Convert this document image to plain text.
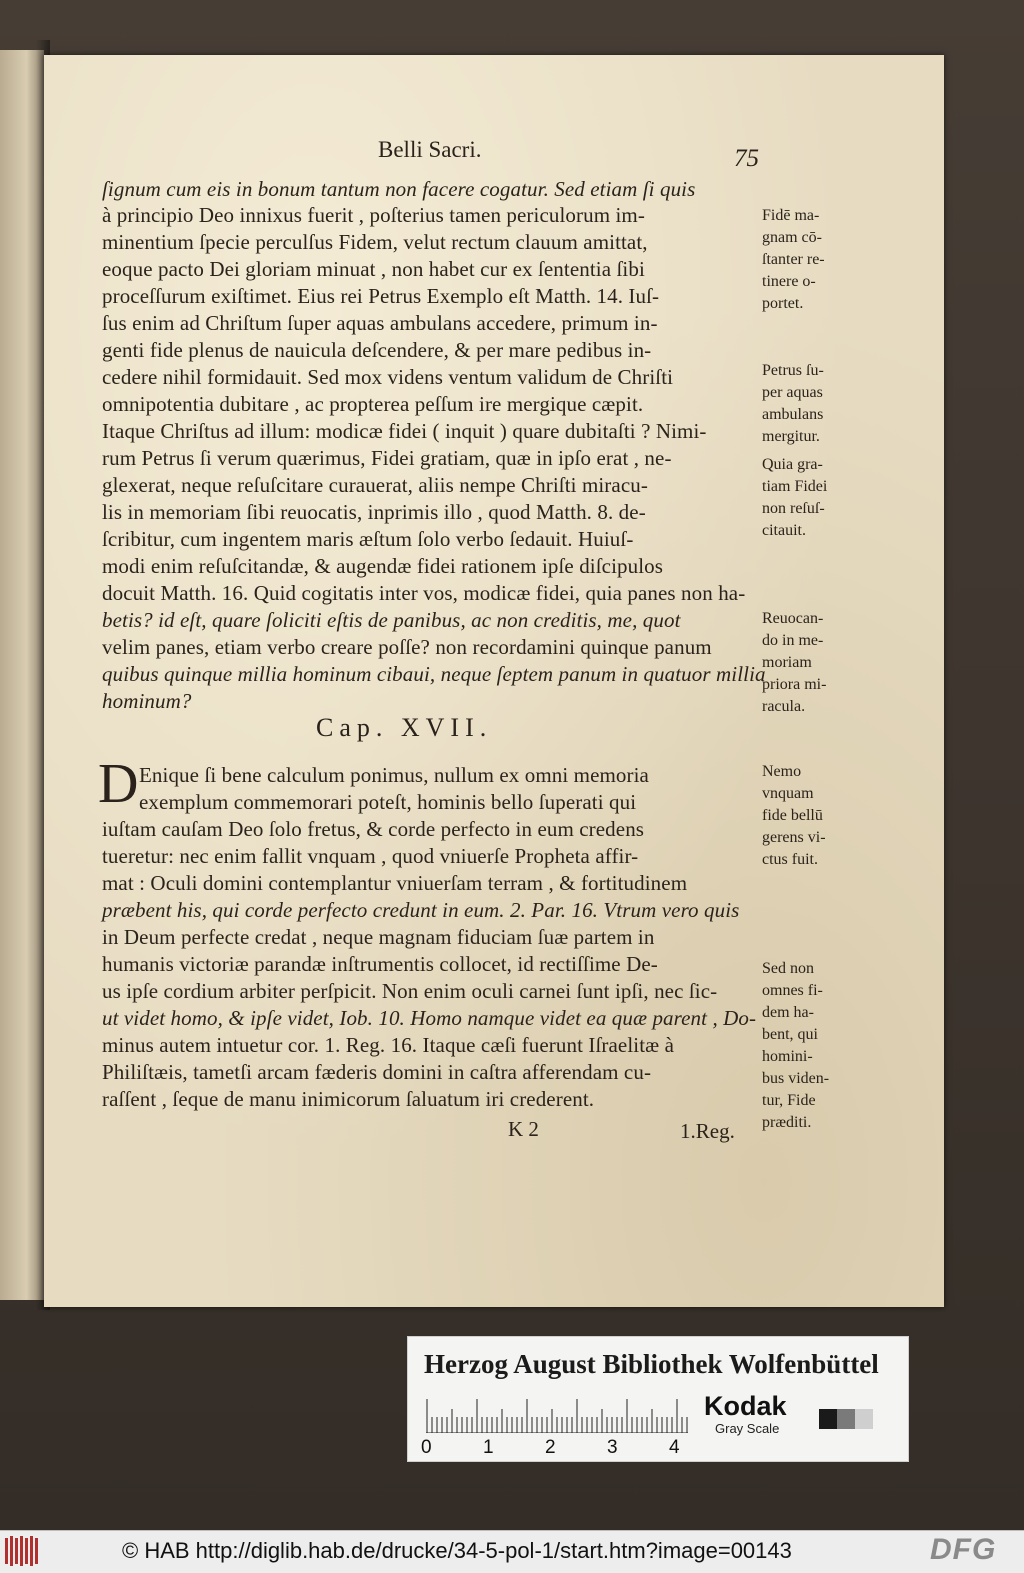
Belli Sacri.	75
ſignum cum eis in bonum tantum non facere cogatur. Sed etiam ſi quis
à principio Deo innixus fuerit , poſterius tamen periculorum im-
minentium ſpecie perculſus Fidem, velut rectum clauum amittat,
eoque pacto Dei gloriam minuat , non habet cur ex ſententia ſibi
proceſſurum exiſtimet. Eius rei Petrus Exemplo eſt Matth. 14. Iuſ-
ſus enim ad Chriſtum ſuper aquas ambulans accedere, primum in-
genti fide plenus de nauicula deſcendere, & per mare pedibus in-
cedere nihil formidauit. Sed mox videns ventum validum de Chriſti
omnipotentia dubitare , ac propterea peſſum ire mergique cæpit.
Itaque Chriſtus ad illum: modicæ fidei ( inquit ) quare dubitaſti ? Nimi-
rum Petrus ſi verum quærimus, Fidei gratiam, quæ in ipſo erat , ne-
glexerat, neque reſuſcitare curauerat, aliis nempe Chriſti miracu-
lis in memoriam ſibi reuocatis, inprimis illo , quod Matth. 8. de-
ſcribitur, cum ingentem maris æſtum ſolo verbo ſedauit. Huiuſ-
modi enim reſuſcitandæ, & augendæ fidei rationem ipſe diſcipulos
docuit Matth. 16. Quid cogitatis inter vos, modicæ fidei, quia panes non ha-
betis? id eſt, quare ſoliciti eſtis de panibus, ac non creditis, me, quot
velim panes, etiam verbo creare poſſe? non recordamini quinque panum
quibus quinque millia hominum cibaui, neque ſeptem panum in quatuor millia
hominum?
Cap. XVII.
D Enique ſi bene calculum ponimus, nullum ex omni memoria
exemplum commemorari poteſt, hominis bello ſuperati qui
iuſtam cauſam Deo ſolo fretus, & corde perfecto in eum credens
tueretur: nec enim fallit vnquam , quod vniuerſe Propheta affir-
mat : Oculi domini contemplantur vniuerſam terram , & fortitudinem
præbent his, qui corde perfecto credunt in eum. 2. Par. 16. Vtrum vero quis
in Deum perfecte credat , neque magnam fiduciam ſuæ partem in
humanis victoriæ parandæ inſtrumentis collocet, id rectiſſime De-
us ipſe cordium arbiter perſpicit. Non enim oculi carnei ſunt ipſi, nec ſic-
ut videt homo, & ipſe videt, Iob. 10. Homo namque videt ea quæ parent , Do-
minus autem intuetur cor. 1. Reg. 16. Itaque cæſi fuerunt Iſraelitæ à
Philiſtæis, tametſi arcam fæderis domini in caſtra afferendam cu-
raſſent , ſeque de manu inimicorum ſaluatum iri crederent.
K 2	1.Reg.
Fidē ma-
gnam cō-
ſtanter re-
tinere o-
portet.
Petrus ſu-
per aquas
ambulans
mergitur.
Quia gra-
tiam Fidei
non reſuſ-
citauit.
Reuocan-
do in me-
moriam
priora mi-
racula.
Nemo
vnquam
fide bellū
gerens vi-
ctus fuit.
Sed non
omnes fi-
dem ha-
bent, qui
homini-
bus viden-
tur, Fide
præditi.
Herzog August Bibliothek Wolfenbüttel
0	1	2	3	4
Kodak
Gray Scale
© HAB http://diglib.hab.de/drucke/34-5-pol-1/start.htm?image=00143	DFG
